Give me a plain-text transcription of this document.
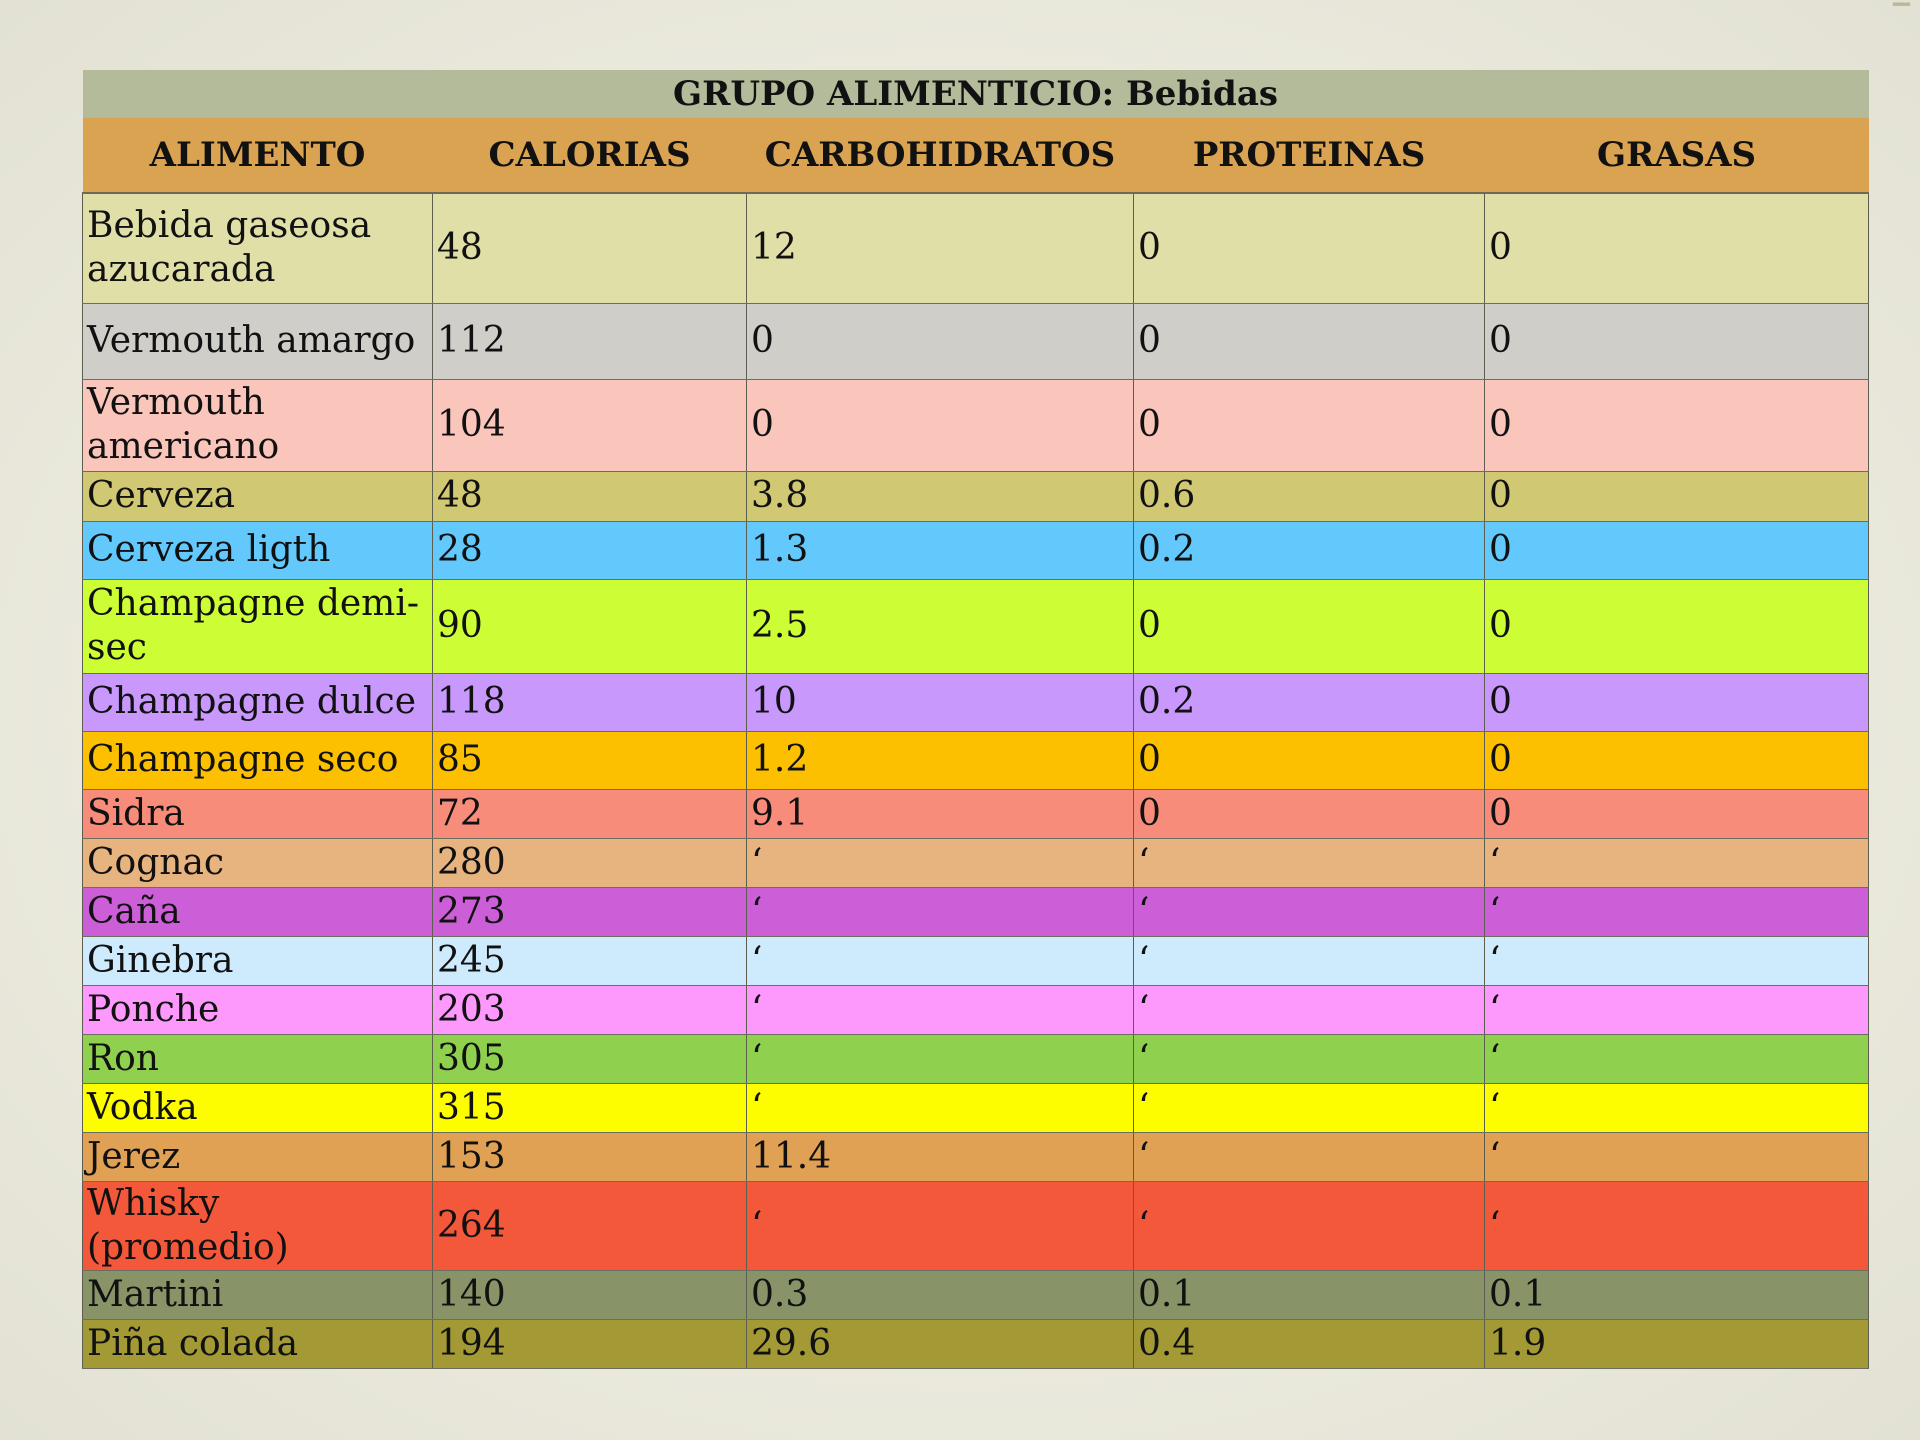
▔
GRUPO ALIMENTICIO: Bebidas				
ALIMENTO	CALORIAS	CARBOHIDRATOS	PROTEINAS	GRASAS
Bebida gaseosa azucarada	48	12	0	0
Vermouth amargo	112	0	0	0
Vermouth americano	104	0	0	0
Cerveza	48	3.8	0.6	0
Cerveza ligth	28	1.3	0.2	0
Champagne demi-sec	90	2.5	0	0
Champagne dulce	118	10	0.2	0
Champagne seco	85	1.2	0	0
Sidra	72	9.1	0	0
Cognac	280	ʻ	ʻ	ʻ
Caña	273	ʻ	ʻ	ʻ
Ginebra	245	ʻ	ʻ	ʻ
Ponche	203	ʻ	ʻ	ʻ
Ron	305	ʻ	ʻ	ʻ
Vodka	315	ʻ	ʻ	ʻ
Jerez	153	11.4	ʻ	ʻ
Whisky (promedio)	264	ʻ	ʻ	ʻ
Martini	140	0.3	0.1	0.1
Piña colada	194	29.6	0.4	1.9
